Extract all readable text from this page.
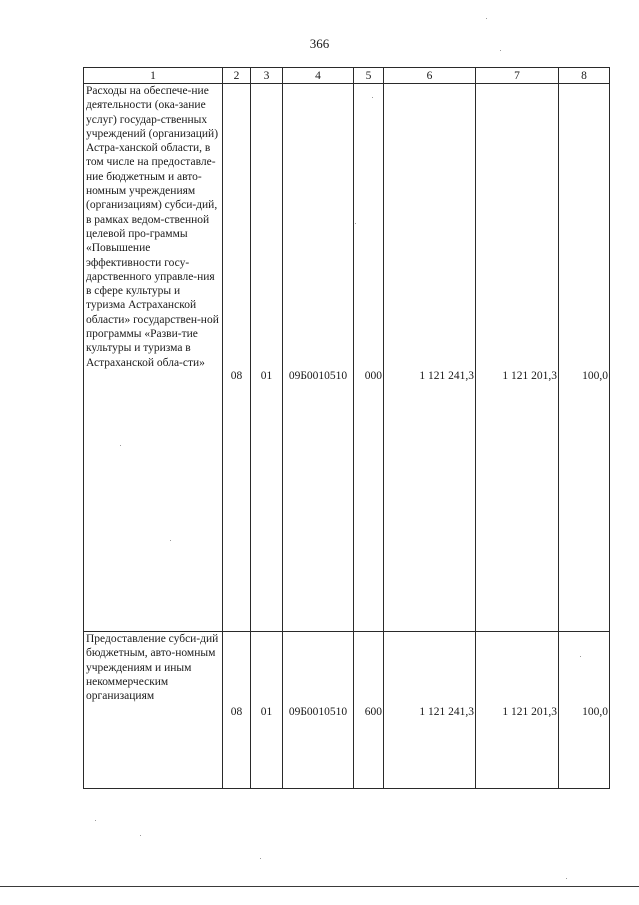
366
1	2	3	4	5	6	7	8
Расходы на обеспече-ние деятельности (ока-зание услуг) государ-ственных учреждений (организаций) Астра-ханской области, в том числе на предоставле-ние бюджетным и авто-номным учреждениям (организациям) субси-дий, в рамках ведом-ственной целевой про-граммы «Повышение эффективности госу-дарственного управле-ния в сфере культуры и туризма Астраханской области» государствен-ной программы «Разви-тие культуры и туризма в Астраханской обла-сти»	08	01	09Б0010510	000	1 121 241,3	1 121 201,3	100,0
Предоставление субси-дий бюджетным, авто-номным учреждениям и иным некоммерческим организациям	08	01	09Б0010510	600	1 121 241,3	1 121 201,3	100,0
